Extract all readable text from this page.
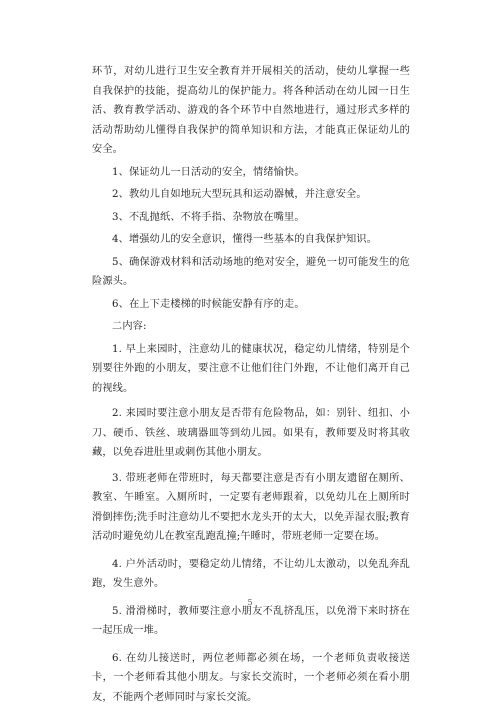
环节，对幼儿进行卫生安全教育并开展相关的活动，使幼儿掌握一些自我保护的技能，提高幼儿的保护能力。将各种活动在幼儿园一日生活、教育教学活动、游戏的各个环节中自然地进行，通过形式多样的活动帮助幼儿懂得自我保护的简单知识和方法，才能真正保证幼儿的安全。

1、保证幼儿一日活动的安全，情绪愉快。

2、教幼儿自如地玩大型玩具和运动器械，并注意安全。

3、不乱抛纸、不将手指、杂物放在嘴里。

4、增强幼儿的安全意识，懂得一些基本的自我保护知识。

5、确保游戏材料和活动场地的绝对安全，避免一切可能发生的危险源头。

6、在上下走楼梯的时候能安静有序的走。

二内容:

1. 早上来园时，注意幼儿的健康状况，稳定幼儿情绪，特别是个别要往外跑的小朋友，要注意不让他们往门外跑，不让他们离开自己的视线。

2. 来园时要注意小朋友是否带有危险物品，如：别针、纽扣、小刀、硬币、铁丝、玻璃器皿等到幼儿园。如果有，教师要及时将其收藏，以免吞进肚里或刺伤其他小朋友。

3. 带班老师在带班时，每天都要注意是否有小朋友遗留在厕所、教室、午睡室。入厕所时，一定要有老师跟着，以免幼儿在上厕所时滑倒摔伤;洗手时注意幼儿不要把水龙头开的太大，以免弄湿衣服;教育活动时避免幼儿在教室乱跑乱撞;午睡时，带班老师一定要在场。

4. 户外活动时，要稳定幼儿情绪，不让幼儿太激动，以免乱奔乱跑，发生意外。

5. 滑滑梯时，教师要注意小朋友不乱挤乱压，以免滑下来时挤在一起压成一堆。

6. 在幼儿接送时，两位老师都必须在场，一个老师负责收接送卡，一个老师看其他小朋友。与家长交流时，一个老师必须在看小朋友，不能两个老师同时与家长交流。

5
